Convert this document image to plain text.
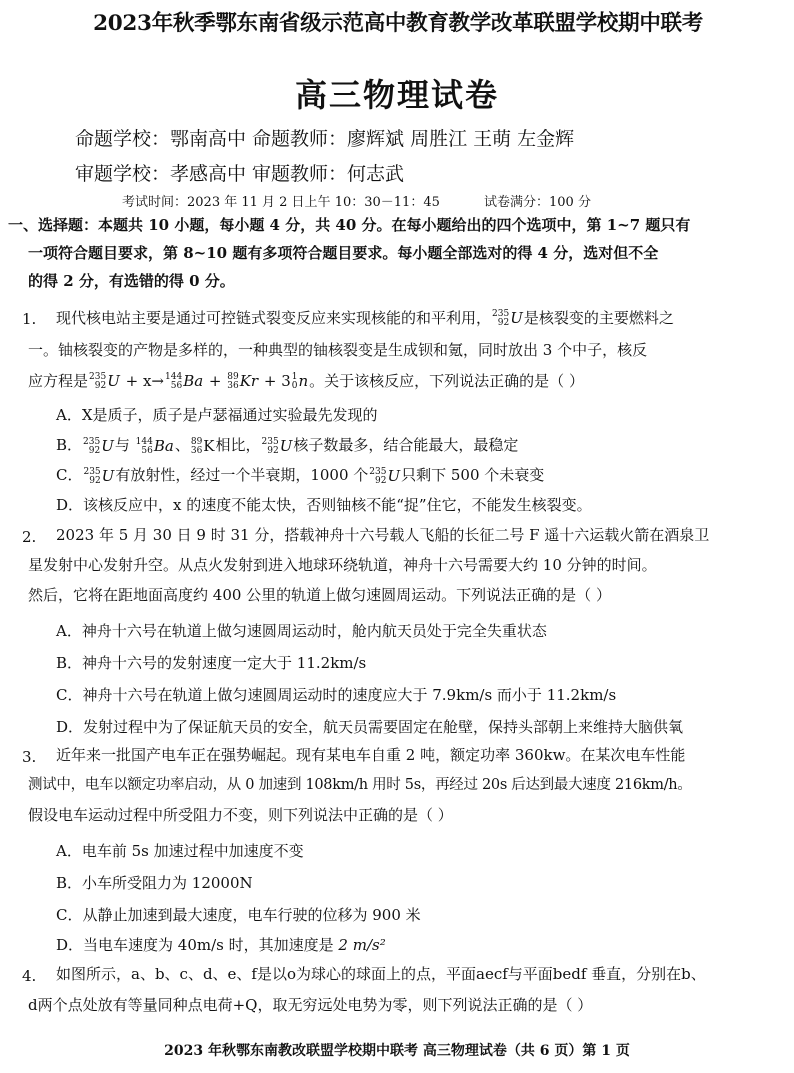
2023年秋季鄂东南省级示范高中教育教学改革联盟学校期中联考
高三物理试卷
命题学校：鄂南高中 命题教师：廖辉斌 周胜江 王萌 左金辉
审题学校：孝感高中 审题教师：何志武
考试时间：2023 年 11 月 2 日上午 10：30－11：45	试卷满分：100 分
一、选择题：本题共 10 小题，每小题 4 分，共 40 分。在每小题给出的四个选项中，第 1~7 题只有
一项符合题目要求，第 8~10 题有多项符合题目要求。每小题全部选对的得 4 分，选对但不全
的得 2 分，有选错的得 0 分。
1. 现代核电站主要是通过可控链式裂变反应来实现核能的和平利用， 235
92 U是核裂变的主要燃料之
一。铀核裂变的产物是多样的，一种典型的铀核裂变是生成钡和氪，同时放出 3 个中子，核反
应方程是 235
92 U + x→ 144
56 Ba + 89
36 Kr + 3 1
0 n。关于该核反应，下列说法正确的是（ ）
A．X是质子，质子是卢瑟福通过实验最先发现的
B． 235
92 U与 144
56 Ba、 89
36 K相比， 235
92 U核子数最多，结合能最大，最稳定
C． 235
92 U有放射性，经过一个半衰期，1000 个 235
92 U只剩下 500 个未衰变
D．该核反应中，x 的速度不能太快，否则铀核不能“捉”住它，不能发生核裂变。
2. 2023 年 5 月 30 日 9 时 31 分，搭载神舟十六号载人飞船的长征二号 F 遥十六运载火箭在酒泉卫
星发射中心发射升空。从点火发射到进入地球环绕轨道，神舟十六号需要大约 10 分钟的时间。
然后，它将在距地面高度约 400 公里的轨道上做匀速圆周运动。下列说法正确的是（ ）
A．神舟十六号在轨道上做匀速圆周运动时，舱内航天员处于完全失重状态
B．神舟十六号的发射速度一定大于 11.2km/s
C．神舟十六号在轨道上做匀速圆周运动时的速度应大于 7.9km/s 而小于 11.2km/s
D．发射过程中为了保证航天员的安全，航天员需要固定在舱壁，保持头部朝上来维持大脑供氧
3. 近年来一批国产电车正在强势崛起。现有某电车自重 2 吨，额定功率 360kw。在某次电车性能
测试中，电车以额定功率启动，从 0 加速到 108km/h 用时 5s，再经过 20s 后达到最大速度 216km/h。
假设电车运动过程中所受阻力不变，则下列说法中正确的是（ ）
A．电车前 5s 加速过程中加速度不变
B．小车所受阻力为 12000N
C．从静止加速到最大速度，电车行驶的位移为 900 米
D．当电车速度为 40m/s 时，其加速度是 2 m/s²
4. 如图所示，a、b、c、d、e、f是以o为球心的球面上的点，平面aecf与平面bedf 垂直，分别在b、
d两个点处放有等量同种点电荷+Q，取无穷远处电势为零，则下列说法正确的是（ ）
2023 年秋鄂东南教改联盟学校期中联考 高三物理试卷（共 6 页）第 1 页
